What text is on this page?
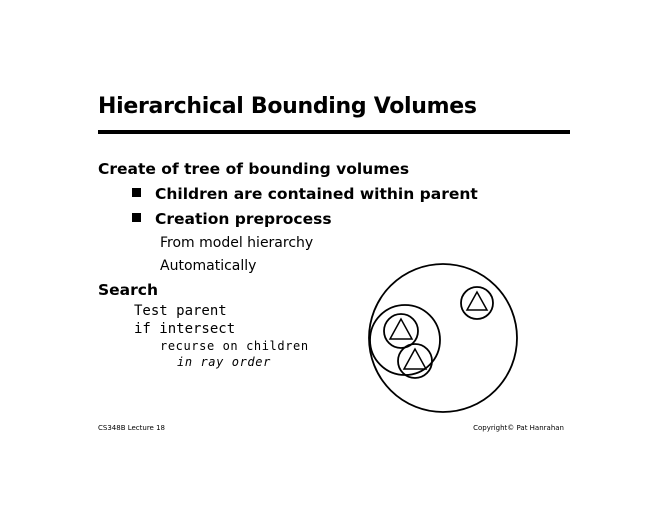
Hierarchical Bounding Volumes
Create of tree of bounding volumes
Children are contained within parent
Creation preprocess
From model hierarchy
Automatically
Search
Test parent
if intersect
recurse on children
in ray order
CS348B Lecture 18	Copyright© Pat Hanrahan
